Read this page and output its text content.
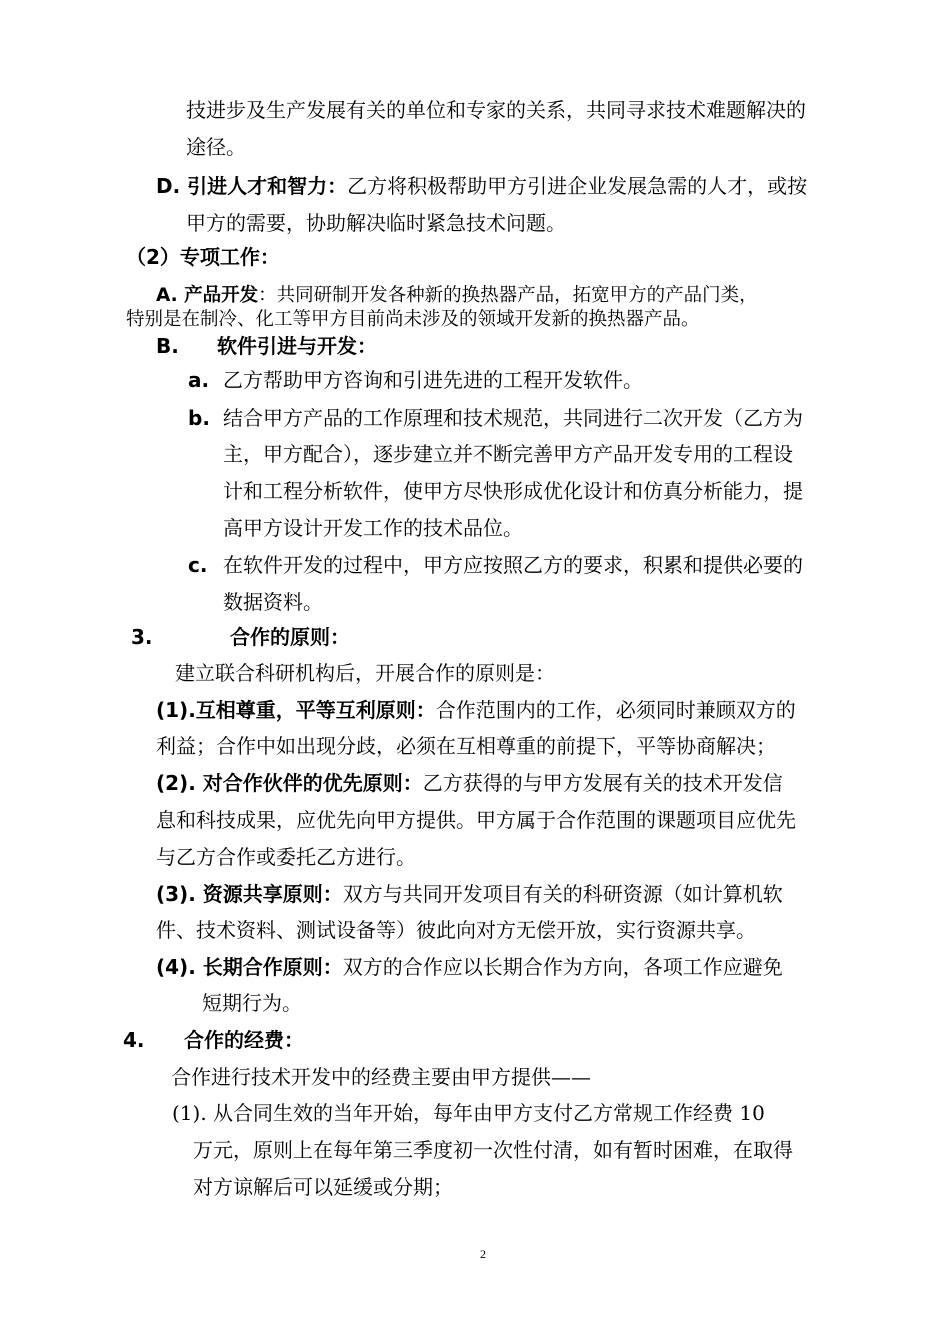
技进步及生产发展有关的单位和专家的关系，共同寻求技术难题解决的
途径。
D. 引进人才和智力：乙方将积极帮助甲方引进企业发展急需的人才，或按
甲方的需要，协助解决临时紧急技术问题。
（2）专项工作：
A. 产品开发：共同研制开发各种新的换热器产品，拓宽甲方的产品门类，
特别是在制冷、化工等甲方目前尚未涉及的领域开发新的换热器产品。
B. 软件引进与开发：
a. 乙方帮助甲方咨询和引进先进的工程开发软件。
b. 结合甲方产品的工作原理和技术规范，共同进行二次开发（乙方为
主，甲方配合），逐步建立并不断完善甲方产品开发专用的工程设
计和工程分析软件，使甲方尽快形成优化设计和仿真分析能力，提
高甲方设计开发工作的技术品位。
c. 在软件开发的过程中，甲方应按照乙方的要求，积累和提供必要的
数据资料。
3.	合作的原则：
建立联合科研机构后，开展合作的原则是：
(1).互相尊重，平等互利原则：合作范围内的工作，必须同时兼顾双方的
利益；合作中如出现分歧，必须在互相尊重的前提下，平等协商解决；
(2). 对合作伙伴的优先原则：乙方获得的与甲方发展有关的技术开发信
息和科技成果，应优先向甲方提供。甲方属于合作范围的课题项目应优先
与乙方合作或委托乙方进行。
(3). 资源共享原则：双方与共同开发项目有关的科研资源（如计算机软
件、技术资料、测试设备等）彼此向对方无偿开放，实行资源共享。
(4). 长期合作原则：双方的合作应以长期合作为方向，各项工作应避免
短期行为。
4. 合作的经费：
合作进行技术开发中的经费主要由甲方提供——
(1). 从合同生效的当年开始，每年由甲方支付乙方常规工作经费 10
万元，原则上在每年第三季度初一次性付清，如有暂时困难，在取得
对方谅解后可以延缓或分期；
2
